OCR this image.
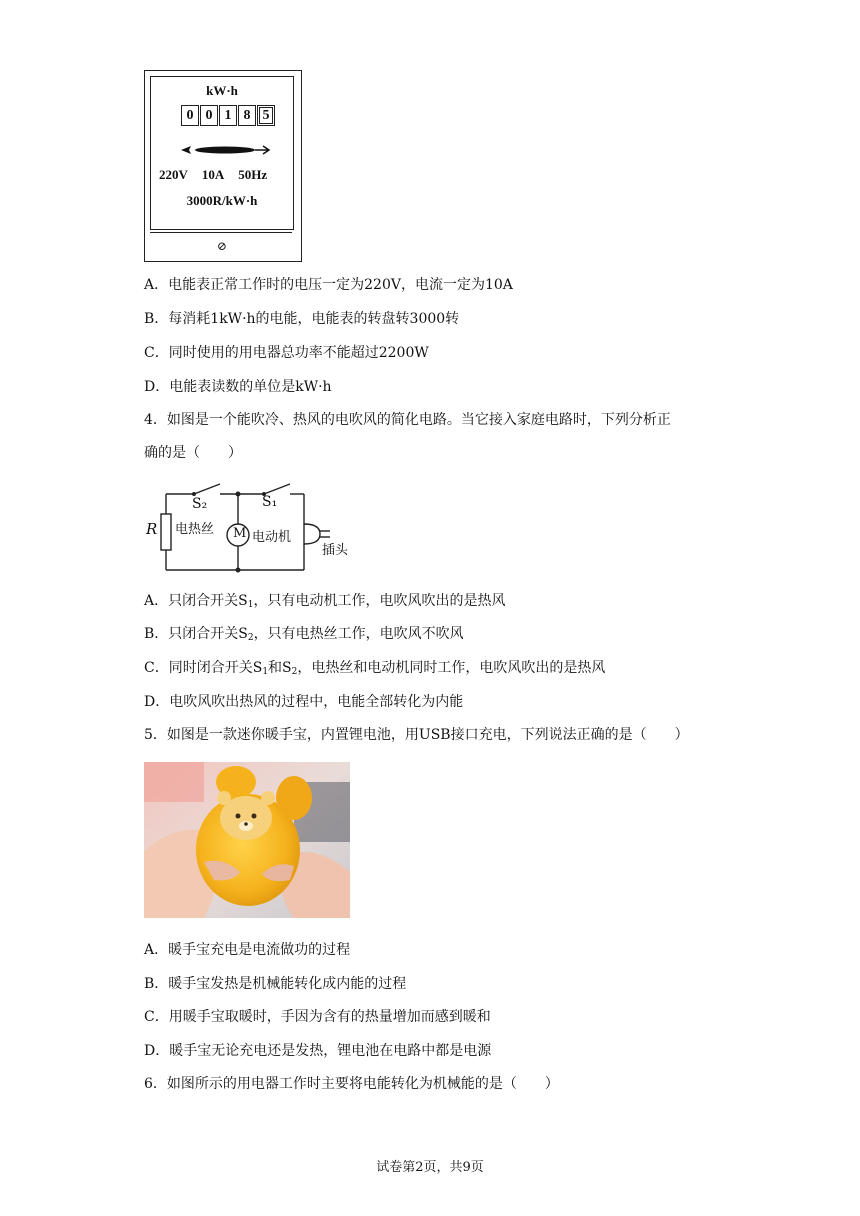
kW·h
0 0 1 8 5
220V 10A 50Hz
3000R/kW·h
⊘
A．电能表正常工作时的电压一定为220V，电流一定为10A
B．每消耗1kW·h的电能，电能表的转盘转3000转
C．同时使用的用电器总功率不能超过2200W
D．电能表读数的单位是kW·h
4．如图是一个能吹冷、热风的电吹风的简化电路。当它接入家庭电路时，下列分析正
确的是（　　）
S₂	S₁
R 电热丝 M 电动机
插头
A．只闭合开关$S_1$，只有电动机工作，电吹风吹出的是热风
B．只闭合开关$S_2$，只有电热丝工作，电吹风不吹风
C．同时闭合开关$S_1$和$S_2$，电热丝和电动机同时工作，电吹风吹出的是热风
D．电吹风吹出热风的过程中，电能全部转化为内能
5．如图是一款迷你暖手宝，内置锂电池，用USB接口充电，下列说法正确的是（　　）
A．暖手宝充电是电流做功的过程
B．暖手宝发热是机械能转化成内能的过程
C．用暖手宝取暖时，手因为含有的热量增加而感到暖和
D．暖手宝无论充电还是发热，锂电池在电路中都是电源
6．如图所示的用电器工作时主要将电能转化为机械能的是（　　）
试卷第2页，共9页
